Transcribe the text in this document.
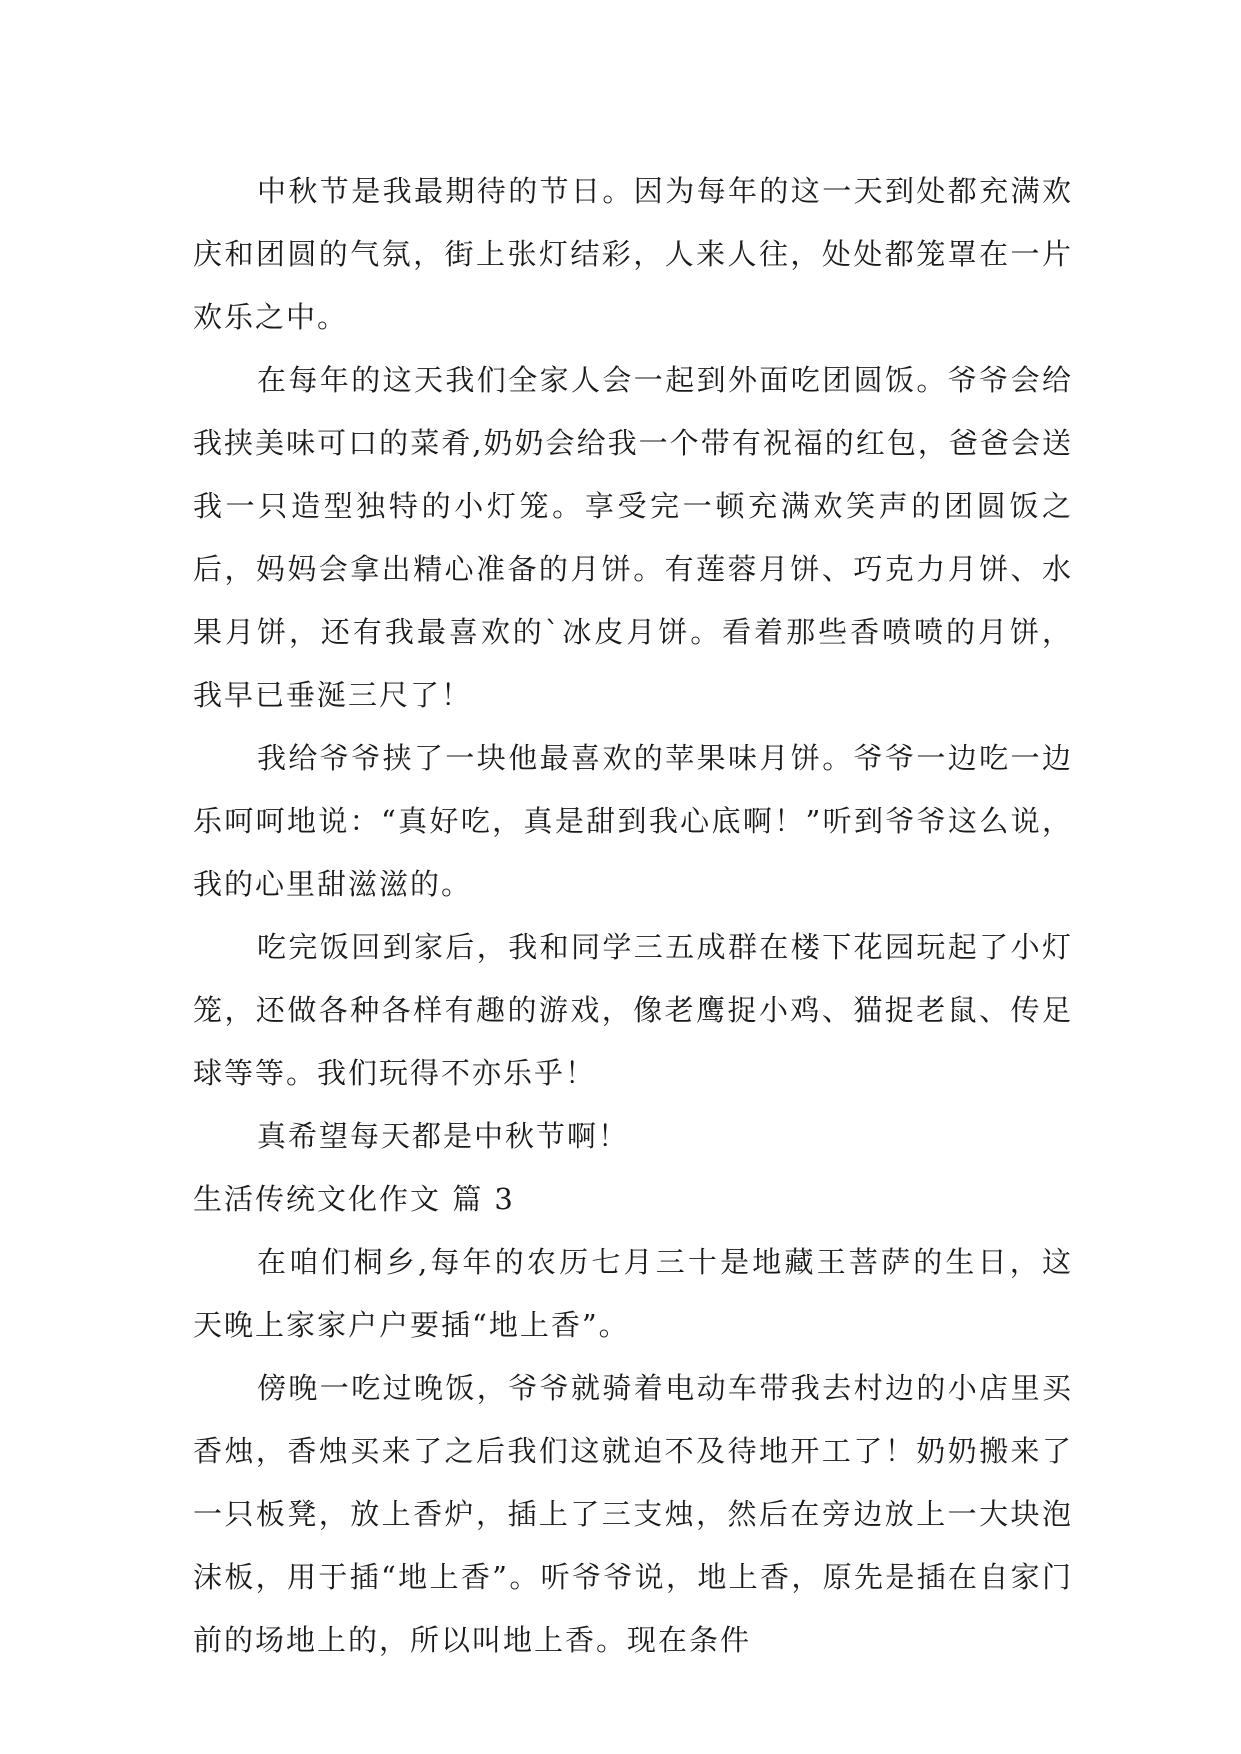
中秋节是我最期待的节日。因为每年的这一天到处都充满欢庆和团圆的气氛，街上张灯结彩，人来人往，处处都笼罩在一片欢乐之中。

在每年的这天我们全家人会一起到外面吃团圆饭。爷爷会给我挟美味可口的菜肴,奶奶会给我一个带有祝福的红包，爸爸会送我一只造型独特的小灯笼。享受完一顿充满欢笑声的团圆饭之后，妈妈会拿出精心准备的月饼。有莲蓉月饼、巧克力月饼、水果月饼，还有我最喜欢的`冰皮月饼。看着那些香喷喷的月饼，我早已垂涎三尺了！

我给爷爷挟了一块他最喜欢的苹果味月饼。爷爷一边吃一边乐呵呵地说：“真好吃，真是甜到我心底啊！”听到爷爷这么说，我的心里甜滋滋的。

吃完饭回到家后，我和同学三五成群在楼下花园玩起了小灯笼，还做各种各样有趣的游戏，像老鹰捉小鸡、猫捉老鼠、传足球等等。我们玩得不亦乐乎！

真希望每天都是中秋节啊！

生活传统文化作文 篇 3

在咱们桐乡,每年的农历七月三十是地藏王菩萨的生日，这天晚上家家户户要插“地上香”。

傍晚一吃过晚饭，爷爷就骑着电动车带我去村边的小店里买香烛，香烛买来了之后我们这就迫不及待地开工了！奶奶搬来了一只板凳，放上香炉，插上了三支烛，然后在旁边放上一大块泡沫板，用于插“地上香”。听爷爷说，地上香，原先是插在自家门前的场地上的，所以叫地上香。现在条件
